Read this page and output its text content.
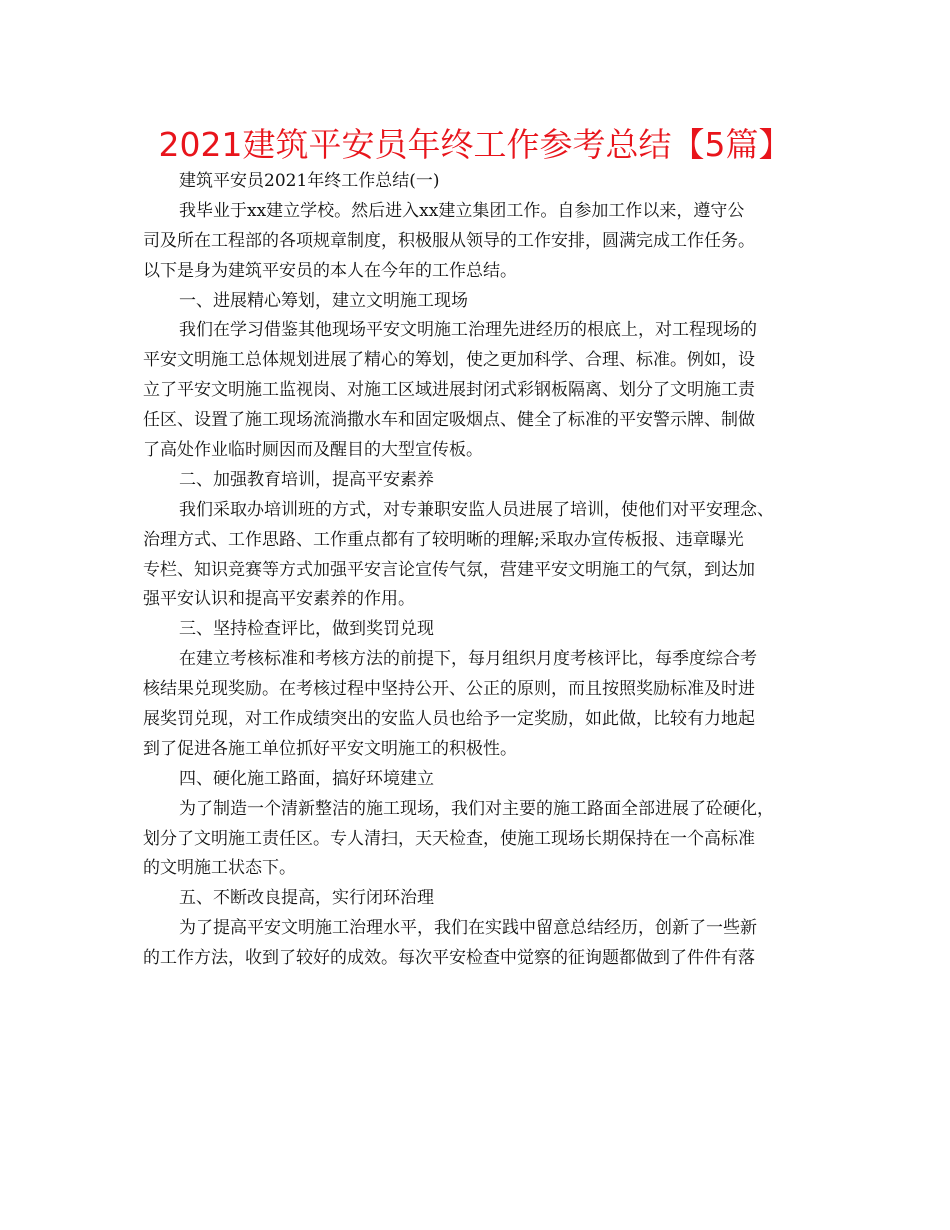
2021建筑平安员年终工作参考总结【5篇】
建筑平安员2021年终工作总结(一)
我毕业于xx建立学校。然后进入xx建立集团工作。自参加工作以来，遵守公
司及所在工程部的各项规章制度，积极服从领导的工作安排，圆满完成工作任务。
以下是身为建筑平安员的本人在今年的工作总结。
一、进展精心筹划，建立文明施工现场
我们在学习借鉴其他现场平安文明施工治理先进经历的根底上，对工程现场的
平安文明施工总体规划进展了精心的筹划，使之更加科学、合理、标准。例如，设
立了平安文明施工监视岗、对施工区域进展封闭式彩钢板隔离、划分了文明施工责
任区、设置了施工现场流淌撒水车和固定吸烟点、健全了标准的平安警示牌、制做
了高处作业临时厕因而及醒目的大型宣传板。
二、加强教育培训，提高平安素养
我们采取办培训班的方式，对专兼职安监人员进展了培训，使他们对平安理念、
治理方式、工作思路、工作重点都有了较明晰的理解;采取办宣传板报、违章曝光
专栏、知识竞赛等方式加强平安言论宣传气氛，营建平安文明施工的气氛，到达加
强平安认识和提高平安素养的作用。
三、坚持检查评比，做到奖罚兑现
在建立考核标准和考核方法的前提下，每月组织月度考核评比，每季度综合考
核结果兑现奖励。在考核过程中坚持公开、公正的原则，而且按照奖励标准及时进
展奖罚兑现，对工作成绩突出的安监人员也给予一定奖励，如此做，比较有力地起
到了促进各施工单位抓好平安文明施工的积极性。
四、硬化施工路面，搞好环境建立
为了制造一个清新整洁的施工现场，我们对主要的施工路面全部进展了砼硬化，
划分了文明施工责任区。专人清扫，天天检查，使施工现场长期保持在一个高标准
的文明施工状态下。
五、不断改良提高，实行闭环治理
为了提高平安文明施工治理水平，我们在实践中留意总结经历，创新了一些新
的工作方法，收到了较好的成效。每次平安检查中觉察的征询题都做到了件件有落
